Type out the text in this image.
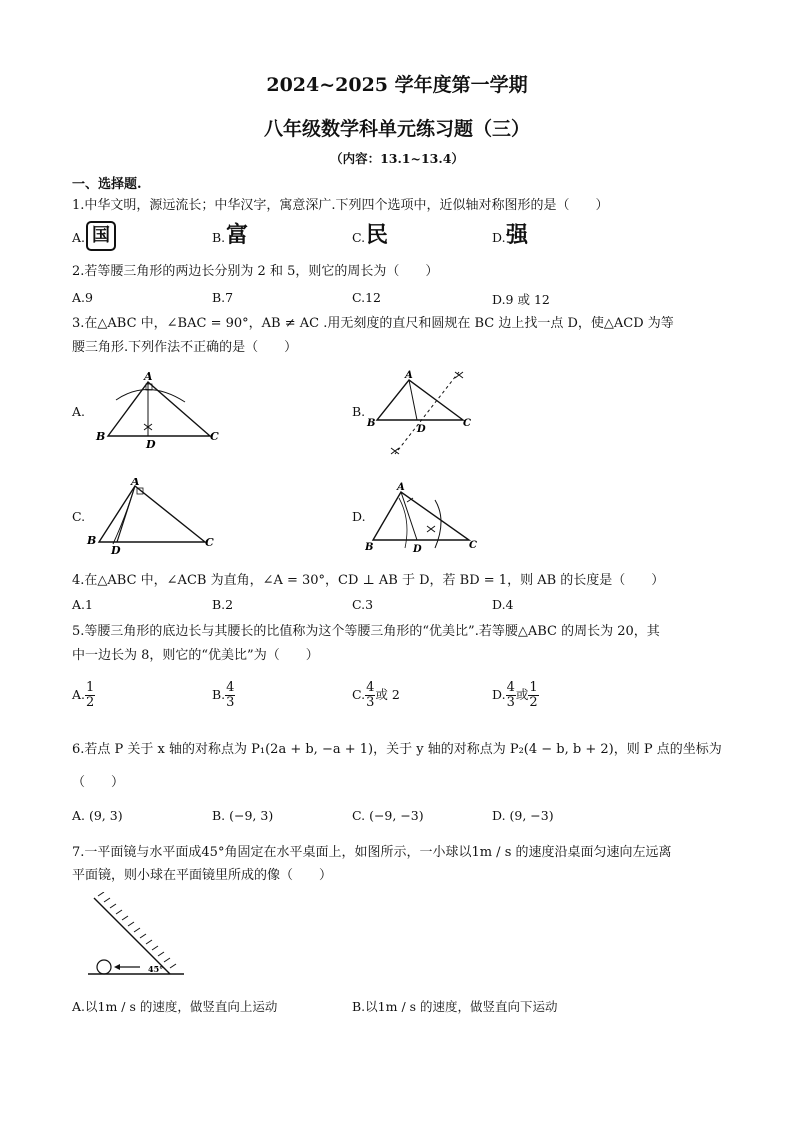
2024~2025 学年度第一学期
八年级数学科单元练习题（三）
（内容：13.1~13.4）
一、选择题.
1.中华文明，源远流长；中华汉字，寓意深广.下列四个选项中，近似轴对称图形的是（　　）
A. 国	B. 富	C. 民	D. 强
2.若等腰三角形的两边长分别为 2 和 5，则它的周长为（　　）
A.9	B.7	C.12	D.9 或 12
3.在△ABC 中，∠BAC = 90°，AB ≠ AC .用无刻度的直尺和圆规在 BC 边上找一点 D，使△ACD 为等
腰三角形.下列作法不正确的是（　　）
A.
A
B	C
D
B.
A
B	C
D
C.
A
B	C
D
D.
A
B	C
D
4.在△ABC 中，∠ACB 为直角，∠A = 30°，CD ⊥ AB 于 D，若 BD = 1，则 AB 的长度是（　　）
A.1	B.2	C.3	D.4
5.等腰三角形的底边长与其腰长的比值称为这个等腰三角形的“优美比”.若等腰△ABC 的周长为 20，其
中一边长为 8，则它的“优美比”为（　　）
A. $\frac{1}{2}$	B. $\frac{4}{3}$	C. $\frac{4}{3}$ 或 2	D. $\frac{4}{3}$ 或 $\frac{1}{2}$
6.若点 P 关于 x 轴的对称点为 P₁(2a + b, −a + 1)，关于 y 轴的对称点为 P₂(4 − b, b + 2)，则 P 点的坐标为
（　　）
A. (9, 3)	B. (−9, 3)	C. (−9, −3)	D. (9, −3)
7.一平面镜与水平面成45°角固定在水平桌面上，如图所示，一小球以1m / s 的速度沿桌面匀速向左远离
平面镜，则小球在平面镜里所成的像（　　）
45°
A.以1m / s 的速度，做竖直向上运动	B.以1m / s 的速度，做竖直向下运动
